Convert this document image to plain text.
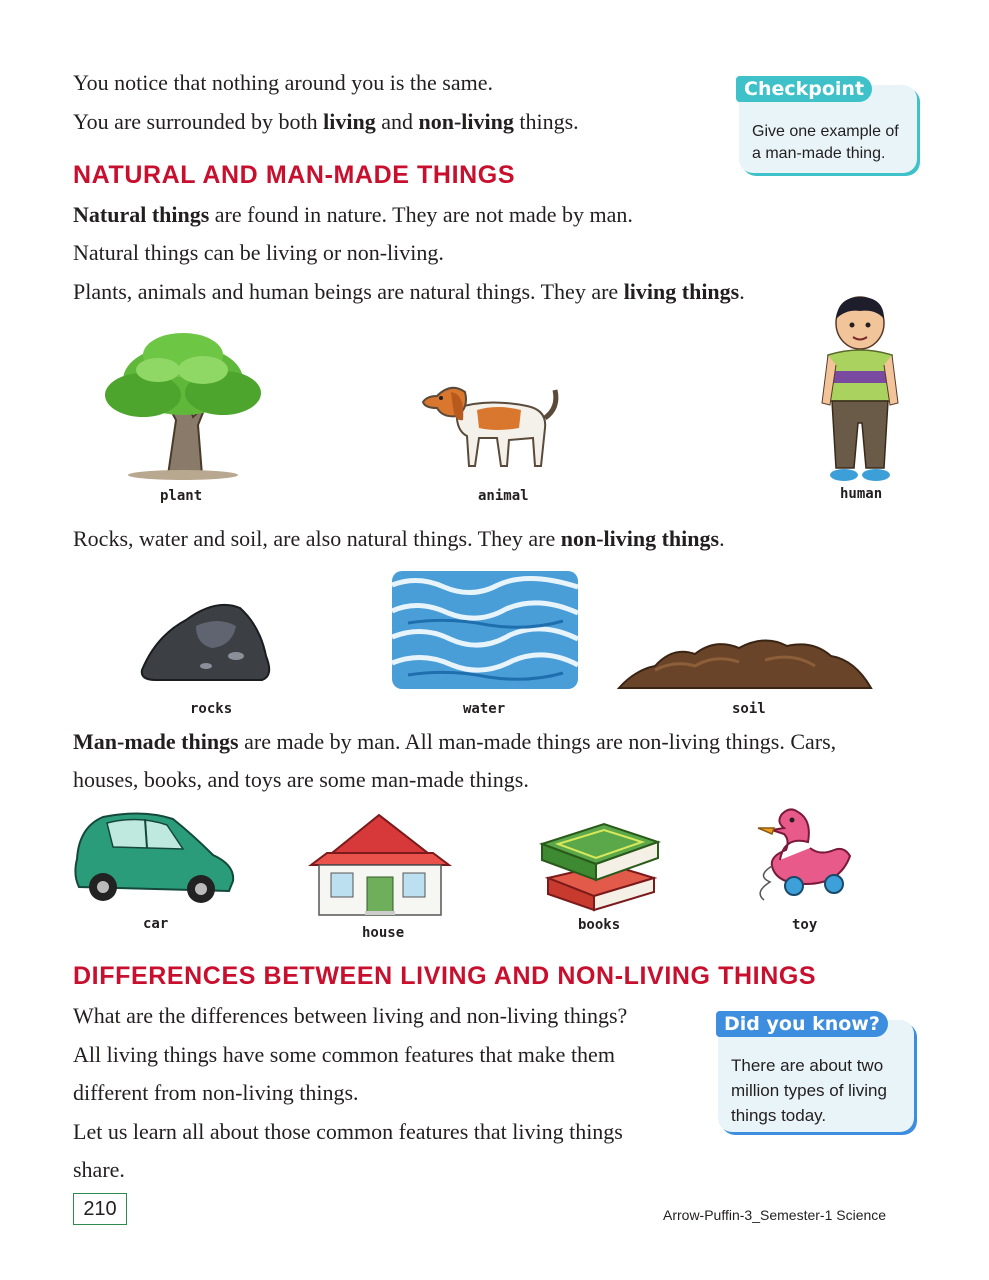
You notice that nothing around you is the same.
You are surrounded by both living and non-living things.
Checkpoint
Give one example of
a man-made thing.
NATURAL AND MAN-MADE THINGS
Natural things are found in nature. They are not made by man.
Natural things can be living or non-living.
Plants, animals and human beings are natural things. They are living things.
plant	animal	human
Rocks, water and soil, are also natural things. They are non-living things.
rocks	water	soil
Man-made things are made by man. All man-made things are non-living things. Cars,
houses, books, and toys are some man-made things.
car
house	books	toy
DIFFERENCES BETWEEN LIVING AND NON-LIVING THINGS
What are the differences between living and non-living things?
All living things have some common features that make them
different from non-living things.
Let us learn all about those common features that living things
share.
Did you know?
There are about two
million types of living
things today.
210	Arrow-Puffin-3_Semester-1 Science
